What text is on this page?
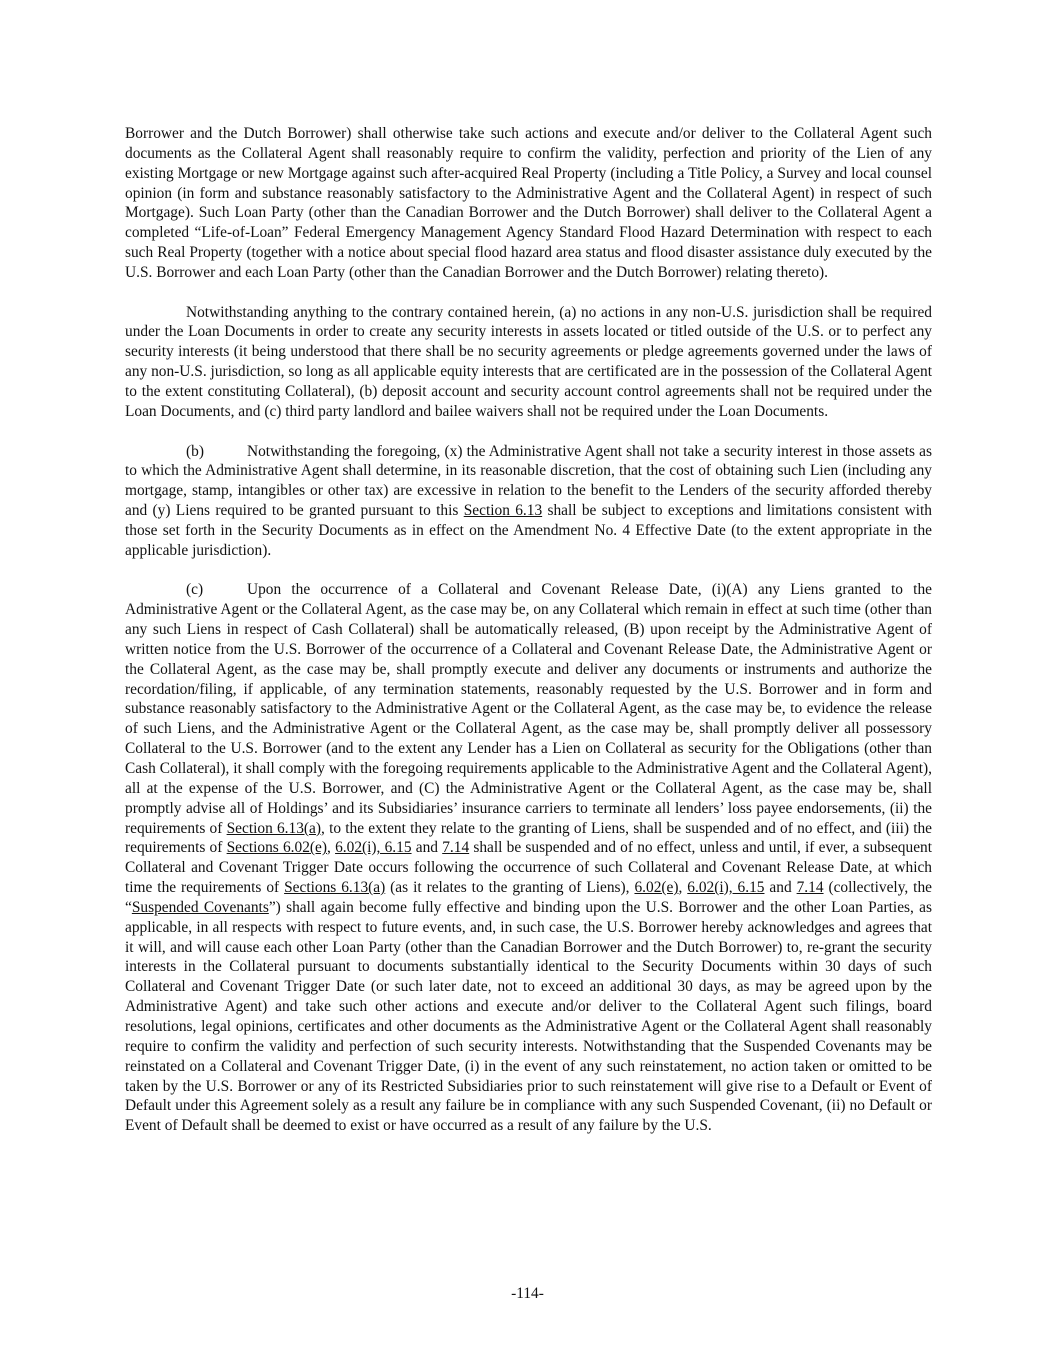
Borrower and the Dutch Borrower) shall otherwise take such actions and execute and/or deliver to the Collateral Agent such documents as the Collateral Agent shall reasonably require to confirm the validity, perfection and priority of the Lien of any existing Mortgage or new Mortgage against such after-acquired Real Property (including a Title Policy, a Survey and local counsel opinion (in form and substance reasonably satisfactory to the Administrative Agent and the Collateral Agent) in respect of such Mortgage). Such Loan Party (other than the Canadian Borrower and the Dutch Borrower) shall deliver to the Collateral Agent a completed “Life-of-Loan” Federal Emergency Management Agency Standard Flood Hazard Determination with respect to each such Real Property (together with a notice about special flood hazard area status and flood disaster assistance duly executed by the U.S. Borrower and each Loan Party (other than the Canadian Borrower and the Dutch Borrower) relating thereto).

Notwithstanding anything to the contrary contained herein, (a) no actions in any non-U.S. jurisdiction shall be required under the Loan Documents in order to create any security interests in assets located or titled outside of the U.S. or to perfect any security interests (it being understood that there shall be no security agreements or pledge agreements governed under the laws of any non-U.S. jurisdiction, so long as all applicable equity interests that are certificated are in the possession of the Collateral Agent to the extent constituting Collateral), (b) deposit account and security account control agreements shall not be required under the Loan Documents, and (c) third party landlord and bailee waivers shall not be required under the Loan Documents.

(b)	Notwithstanding the foregoing, (x) the Administrative Agent shall not take a security interest in those assets as to which the Administrative Agent shall determine, in its reasonable discretion, that the cost of obtaining such Lien (including any mortgage, stamp, intangibles or other tax) are excessive in relation to the benefit to the Lenders of the security afforded thereby and (y) Liens required to be granted pursuant to this Section 6.13 shall be subject to exceptions and limitations consistent with those set forth in the Security Documents as in effect on the Amendment No. 4 Effective Date (to the extent appropriate in the applicable jurisdiction).

(c)	Upon the occurrence of a Collateral and Covenant Release Date, (i)(A) any Liens granted to the Administrative Agent or the Collateral Agent, as the case may be, on any Collateral which remain in effect at such time (other than any such Liens in respect of Cash Collateral) shall be automatically released, (B) upon receipt by the Administrative Agent of written notice from the U.S. Borrower of the occurrence of a Collateral and Covenant Release Date, the Administrative Agent or the Collateral Agent, as the case may be, shall promptly execute and deliver any documents or instruments and authorize the recordation/filing, if applicable, of any termination statements, reasonably requested by the U.S. Borrower and in form and substance reasonably satisfactory to the Administrative Agent or the Collateral Agent, as the case may be, to evidence the release of such Liens, and the Administrative Agent or the Collateral Agent, as the case may be, shall promptly deliver all possessory Collateral to the U.S. Borrower (and to the extent any Lender has a Lien on Collateral as security for the Obligations (other than Cash Collateral), it shall comply with the foregoing requirements applicable to the Administrative Agent and the Collateral Agent), all at the expense of the U.S. Borrower, and (C) the Administrative Agent or the Collateral Agent, as the case may be, shall promptly advise all of Holdings’ and its Subsidiaries’ insurance carriers to terminate all lenders’ loss payee endorsements, (ii) the requirements of Section 6.13(a), to the extent they relate to the granting of Liens, shall be suspended and of no effect, and (iii) the requirements of Sections 6.02(e), 6.02(i), 6.15 and 7.14 shall be suspended and of no effect, unless and until, if ever, a subsequent Collateral and Covenant Trigger Date occurs following the occurrence of such Collateral and Covenant Release Date, at which time the requirements of Sections 6.13(a) (as it relates to the granting of Liens), 6.02(e), 6.02(i), 6.15 and 7.14 (collectively, the “Suspended Covenants”) shall again become fully effective and binding upon the U.S. Borrower and the other Loan Parties, as applicable, in all respects with respect to future events, and, in such case, the U.S. Borrower hereby acknowledges and agrees that it will, and will cause each other Loan Party (other than the Canadian Borrower and the Dutch Borrower) to, re-grant the security interests in the Collateral pursuant to documents substantially identical to the Security Documents within 30 days of such Collateral and Covenant Trigger Date (or such later date, not to exceed an additional 30 days, as may be agreed upon by the Administrative Agent) and take such other actions and execute and/or deliver to the Collateral Agent such filings, board resolutions, legal opinions, certificates and other documents as the Administrative Agent or the Collateral Agent shall reasonably require to confirm the validity and perfection of such security interests. Notwithstanding that the Suspended Covenants may be reinstated on a Collateral and Covenant Trigger Date, (i) in the event of any such reinstatement, no action taken or omitted to be taken by the U.S. Borrower or any of its Restricted Subsidiaries prior to such reinstatement will give rise to a Default or Event of Default under this Agreement solely as a result any failure be in compliance with any such Suspended Covenant, (ii) no Default or Event of Default shall be deemed to exist or have occurred as a result of any failure by the U.S.

-114-
